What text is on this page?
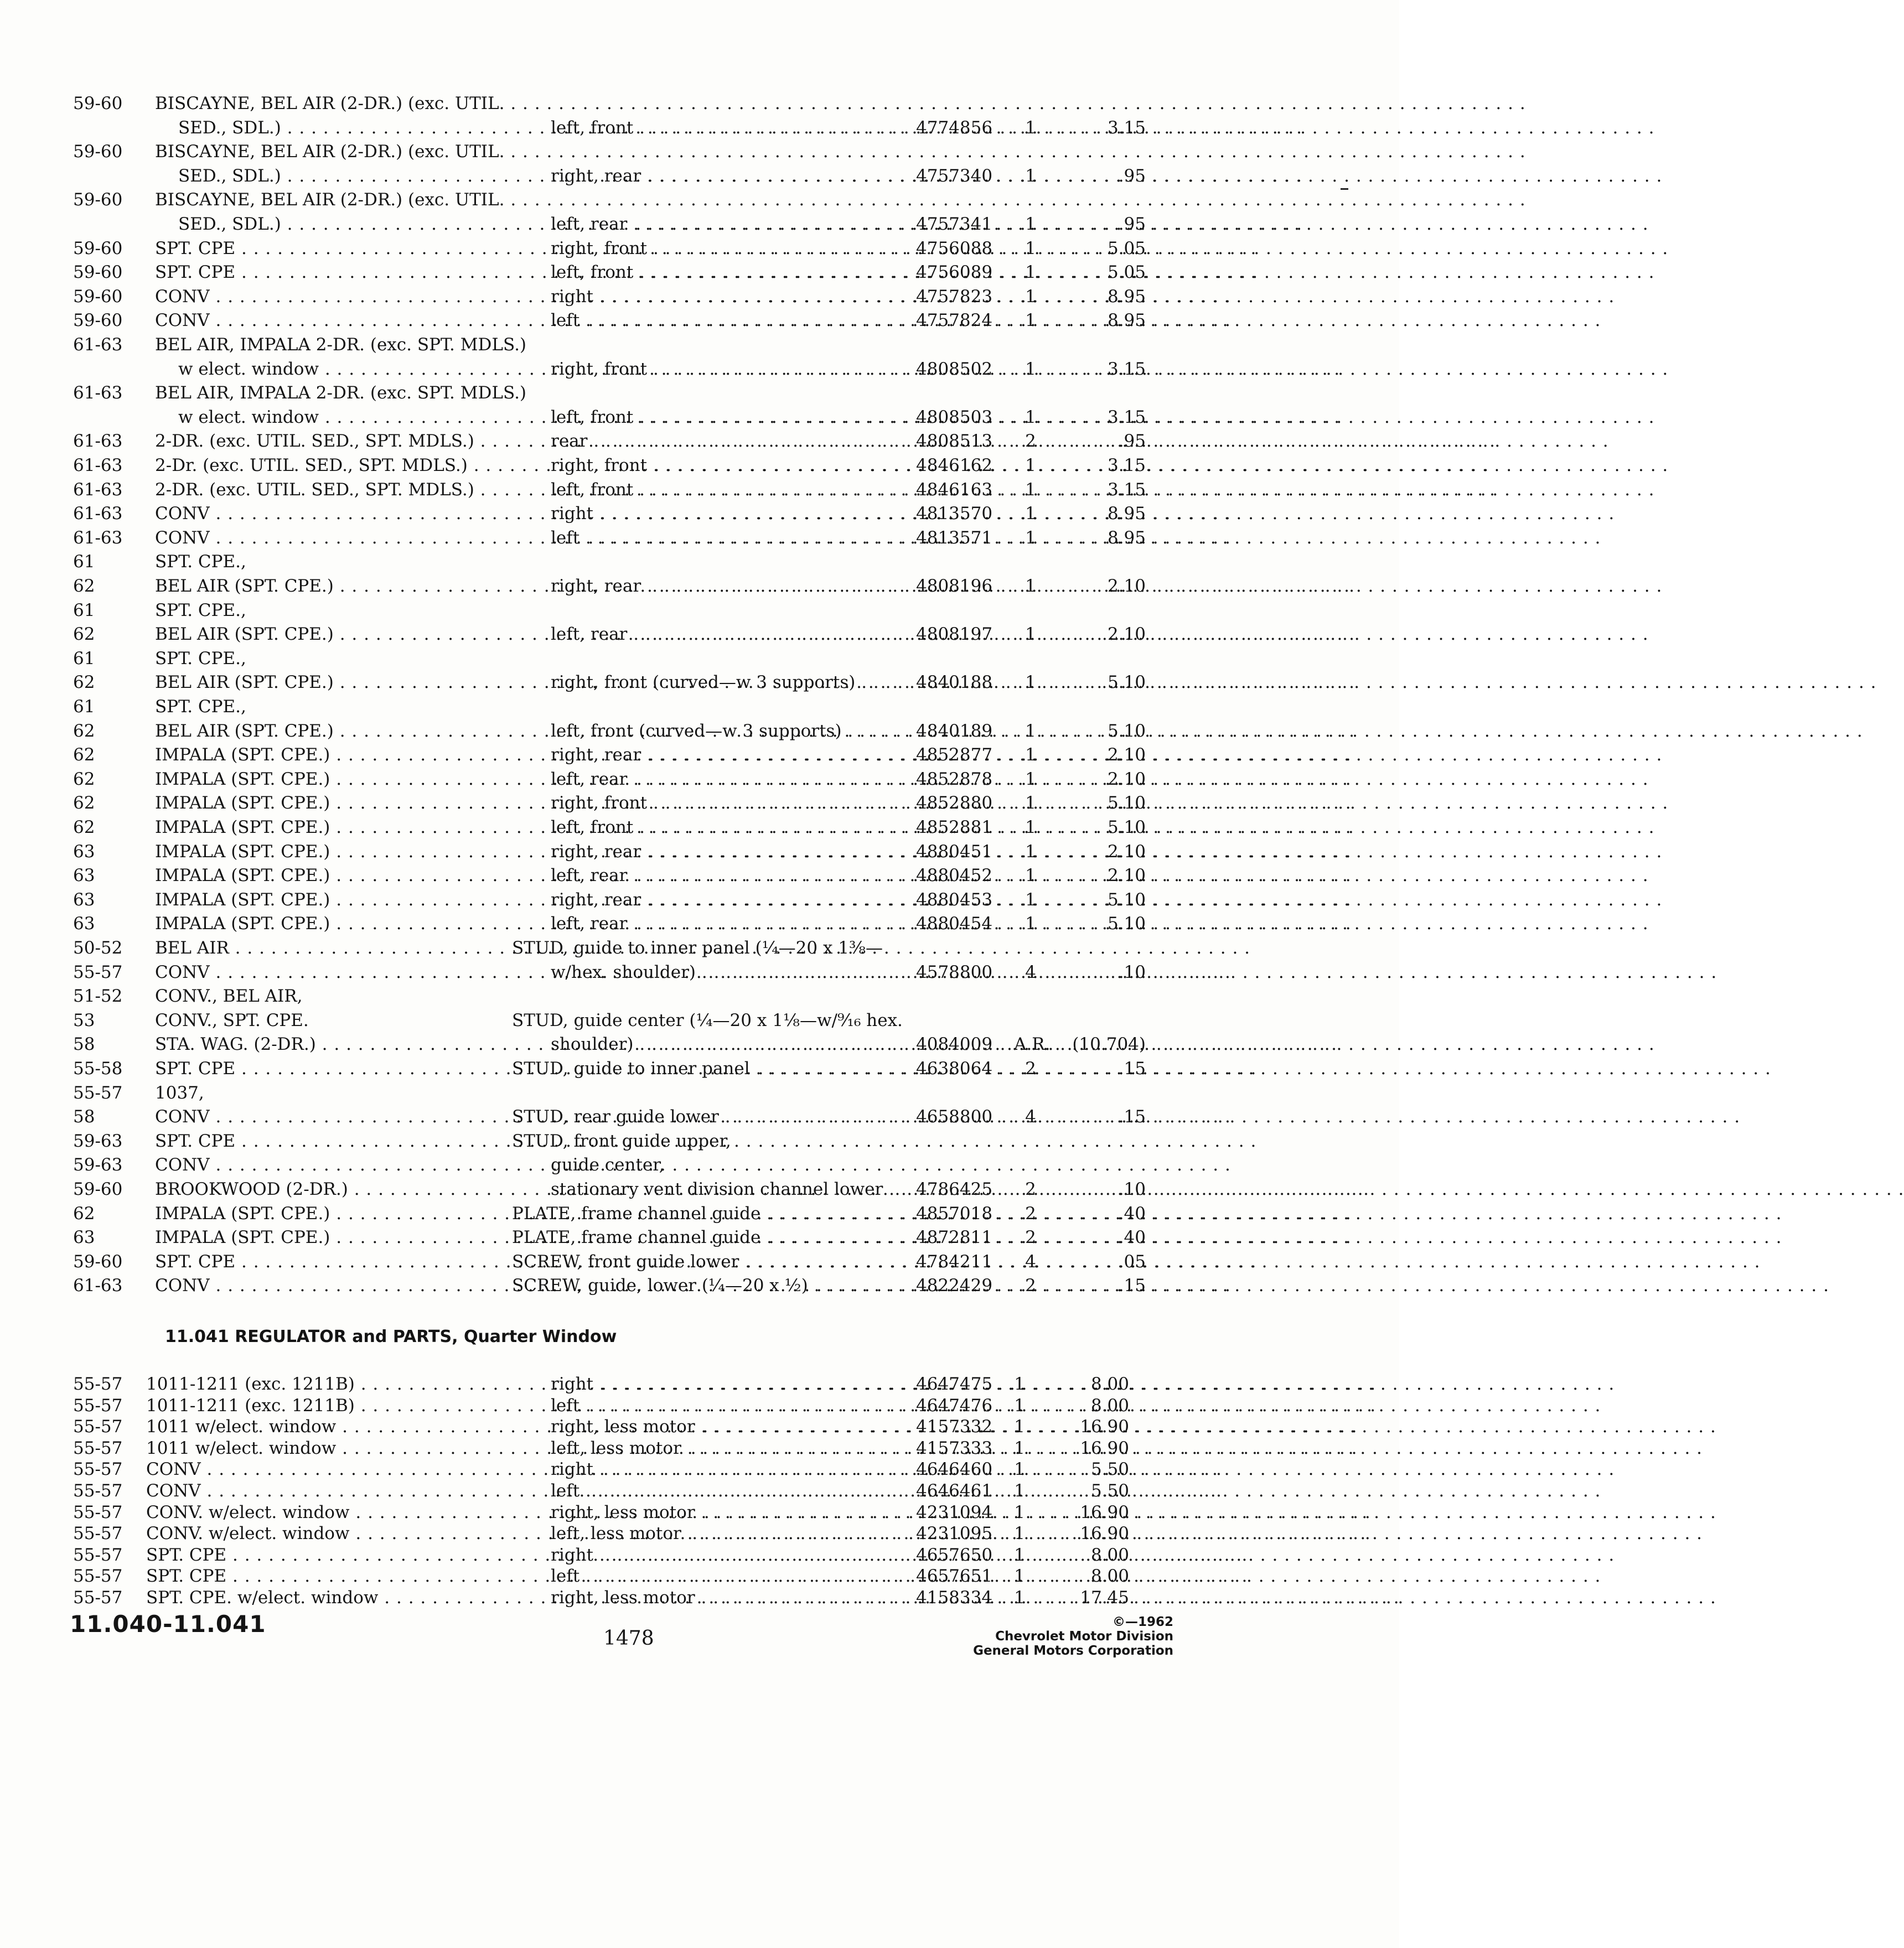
59-60 BISCAYNE, BEL AIR (2-DR.) (exc. UTIL. . . .
SED., SDL.) . . .	left, front . . .	4774856	1	3.15
59-60 BISCAYNE, BEL AIR (2-DR.) (exc. UTIL. . . .
SED., SDL.) . . .	right, rear . . .	4757340	1	.95
59-60 BISCAYNE, BEL AIR (2-DR.) (exc. UTIL. . . .
SED., SDL.) . . .	left, rear . . .	4757341	1	.95
59-60 SPT. CPE . . .	right, front . . .	4756088	1	5.05
59-60 SPT. CPE . . .	left, front . . .	4756089	1	5.05
59-60 CONV . . .	right . . .	4757823	1	8.95
59-60 CONV . . .	left . . .	4757824	1	8.95
61-63 BEL AIR, IMPALA 2-DR. (exc. SPT. MDLS.)
w elect. window . . .	right, front . . .	4808502	1	3.15
61-63 BEL AIR, IMPALA 2-DR. (exc. SPT. MDLS.)
w elect. window . . .	left, front . . .	4808503	1	3.15
61-63 2-DR. (exc. UTIL. SED., SPT. MDLS.) . . .	rear . . .	4808513	2	.95
61-63 2-Dr. (exc. UTIL. SED., SPT. MDLS.) . . .	right, front . . .	4846162	1	3.15
61-63 2-DR. (exc. UTIL. SED., SPT. MDLS.) . . .	left, front . . .	4846163	1	3.15
61-63 CONV . . .	right . . .	4813570	1	8.95
61-63 CONV . . .	left . . .	4813571	1	8.95
61	SPT. CPE.,
62	BEL AIR (SPT. CPE.) . . .	right, rear . . .	4808196	1	2.10
61	SPT. CPE.,
62	BEL AIR (SPT. CPE.) . . .	left, rear . . .	4808197	1	2.10
61	SPT. CPE.,
62	BEL AIR (SPT. CPE.) . . .	right, front (curved—w 3 supports) . . .	4840188	1	5.10
61	SPT. CPE.,
62	BEL AIR (SPT. CPE.) . . .	left, front (curved—w 3 supports) . . .	4840189	1	5.10
62	IMPALA (SPT. CPE.) . . .	right, rear . . .	4852877	1	2.10
62	IMPALA (SPT. CPE.) . . .	left, rear . . .	4852878	1	2.10
62	IMPALA (SPT. CPE.) . . .	right, front . . .	4852880	1	5.10
62	IMPALA (SPT. CPE.) . . .	left, front . . .	4852881	1	5.10
63	IMPALA (SPT. CPE.) . . .	right, rear . . .	4880451	1	2.10
63	IMPALA (SPT. CPE.) . . .	left, rear . . .	4880452	1	2.10
63	IMPALA (SPT. CPE.) . . .	right, rear . . .	4880453	1	5.10
63	IMPALA (SPT. CPE.) . . .	left, rear . . .	4880454	1	5.10
50-52 BEL AIR . . .	STUD, guide to inner panel (¼—20 x 1⅜—
55-57 CONV . . .	w/hex. shoulder) . . .	4578800	4	.10
51-52 CONV., BEL AIR,
53	CONV., SPT. CPE.	STUD, guide center (¼—20 x 1⅛—w/⁹⁄₁₆ hex.
58	STA. WAG. (2-DR.) . . .	shoulder) . . .	4084009 A.R.	(10.704)
55-58 SPT. CPE . . .	STUD, guide to inner panel . . .	4638064	2	.15
55-57 1037,
58	CONV . . .	STUD, rear guide lower . . .	4658800	4	.15
59-63 SPT. CPE . . .	STUD, front guide upper,
59-63 CONV . . .	guide center,
59-60 BROOKWOOD (2-DR.) . . .	stationary vent division channel lower . . .	4786425	2	.10
62	IMPALA (SPT. CPE.) . . .	PLATE, frame channel guide . . .	4857018	2	.40
63	IMPALA (SPT. CPE.) . . .	PLATE, frame channel guide . . .	4872811	2	.40
59-60 SPT. CPE . . .	SCREW, front guide lower . . .	4784211	4	.05
61-63 CONV . . .	SCREW, guide, lower (¼—20 x ½) . . .	4822429	2	.15
11.041 REGULATOR and PARTS, Quarter Window
55-57 1011-1211 (exc. 1211B) . . .	right . . .	4647475	1	8.00
55-57 1011-1211 (exc. 1211B) . . .	left . . .	4647476	1	8.00
55-57 1011 w/elect. window . . .	right, less motor . . .	4157332	1	16.90
55-57 1011 w/elect. window . . .	left, less motor . . .	4157333	1	16.90
55-57 CONV . . .	right . . .	4646460	1	5.50
55-57 CONV . . .	left . . .	4646461	1	5.50
55-57 CONV. w/elect. window . . .	right, less motor . . .	4231094	1	16.90
55-57 CONV. w/elect. window . . .	left, less motor . . .	4231095	1	16.90
55-57 SPT. CPE . . .	right . . .	4657650	1	8.00
55-57 SPT. CPE . . .	left . . .	4657651	1	8.00
55-57 SPT. CPE. w/elect. window . . .	right, less motor . . .	4158334	1	17.45
11.040-11.041
1478
©—1962
Chevrolet Motor Division
General Motors Corporation
